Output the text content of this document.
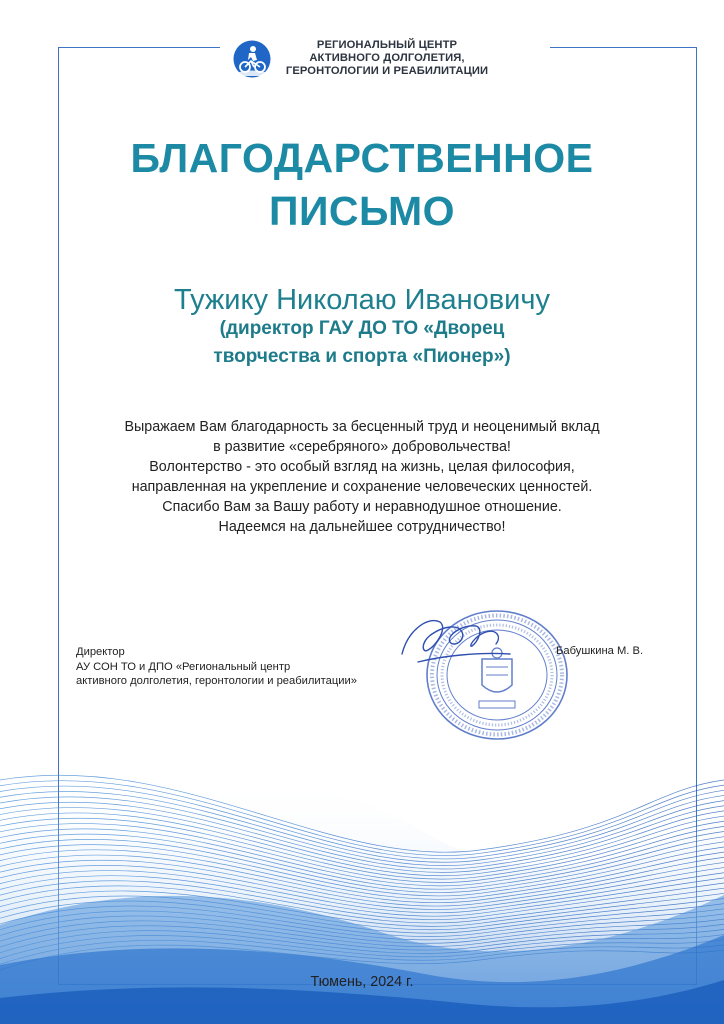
РЕГИОНАЛЬНЫЙ ЦЕНТР
АКТИВНОГО ДОЛГОЛЕТИЯ,
ГЕРОНТОЛОГИИ И РЕАБИЛИТАЦИИ
БЛАГОДАРСТВЕННОЕ
ПИСЬМО
Тужику Николаю Ивановичу
(директор ГАУ ДО ТО «Дворец
творчества и спорта «Пионер»)
Выражаем Вам благодарность за бесценный труд и неоценимый вклад
в развитие «серебряного» добровольчества!
Волонтерство - это особый взгляд на жизнь, целая философия,
направленная на укрепление и сохранение человеческих ценностей.
Спасибо Вам за Вашу работу и неравнодушное отношение.
Надеемся на дальнейшее сотрудничество!
Директор
АУ СОН ТО и ДПО «Региональный центр
активного долголетия, геронтологии и реабилитации»
Бабушкина М. В.
Тюмень, 2024 г.
